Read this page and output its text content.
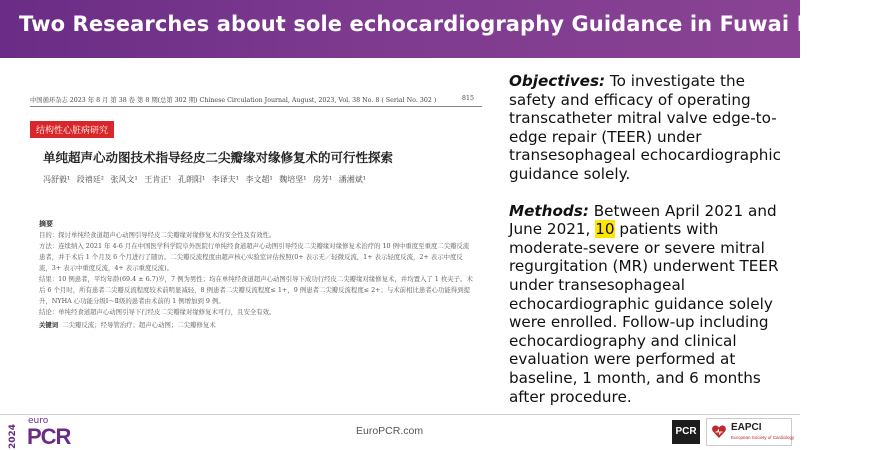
Two Researches about sole echocardiography Guidance in Fuwai Hospital
中国循环杂志 2023 年 8 月 第 38 卷 第 8 期(总第 302 期) Chinese Circulation Journal, August, 2023, Vol. 38 No. 8 ( Serial No. 302 )	815
结构性心脏病研究
单纯超声心动图技术指导经皮二尖瓣缘对缘修复术的可行性探索
冯舒毅¹ 段禧廷² 张风文¹ 王肯正¹ 孔朗阳¹ 李译夫¹ 李文超¹ 魏培坚¹ 房芳¹ 潘湘斌¹
摘要

目的：探讨单纯经食道超声心动图引导经皮二尖瓣缘对缘修复术的安全性及有效性。

方法：连续纳入 2021 年 4-6 月在中国医学科学院阜外医院行单纯经食道超声心动图引导经皮二尖瓣缘对缘修复术治疗的 10 例中重度至重度二尖瓣反流患者，并于术后 1 个月及 6 个月进行了随访。二尖瓣反流程度由超声核心实验室评估按照(0+ 表示无／轻微反流，1+ 表示轻度反流，2+ 表示中度反流，3+ 表示中重度反流，4+ 表示重度反流)。

结果：10 例患者，平均年龄(69.4 ± 6.7)岁，7 例为男性；均在单纯经食道超声心动图引导下成功行经皮二尖瓣缘对缘修复术，并均置入了 1 枚夹子。术后 6 个月时，所有患者二尖瓣反流程度较术前明显减轻，8 例患者二尖瓣反流程度≤ 1+，9 例患者二尖瓣反流程度≤ 2+；与术前相比患者心功能得到提升，NYHA 心功能分级Ⅰ～Ⅱ级的患者由术前的 1 例增加到 9 例。

结论：单纯经食道超声心动图引导下行经皮二尖瓣缘对缘修复术可行，且安全有效。

关键词 二尖瓣反流；经导管治疗；超声心动图；二尖瓣修复术

Objectives: To investigate the safety and efficacy of operating transcatheter mitral valve edge-to-edge repair (TEER) under transesophageal echocardiographic guidance solely.
Methods: Between April 2021 and June 2021, 10 patients with moderate-severe or severe mitral regurgitation (MR) underwent TEER under transesophageal echocardiographic guidance solely were enrolled. Follow-up including echocardiography and clinical evaluation were performed at baseline, 1 month, and 6 months after procedure.
2024
euro
PCR	EuroPCR.com	PCR	EAPCI
European Society of Cardiology
